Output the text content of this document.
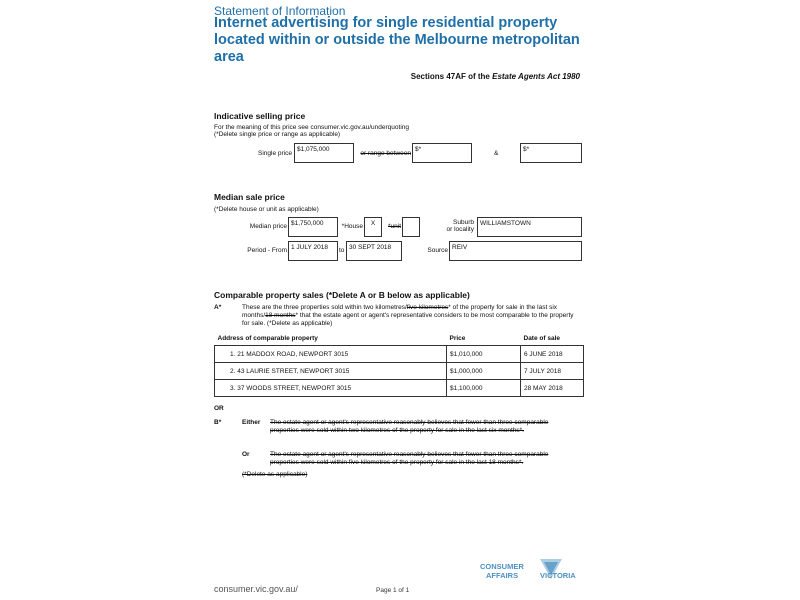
Statement of Information
Internet advertising for single residential property located within or outside the Melbourne metropolitan area
Sections 47AF of the Estate Agents Act 1980
Indicative selling price
For the meaning of this price see consumer.vic.gov.au/underquoting
(*Delete single price or range as applicable)
Single price
$1,075,000
or range between
$*
&
$*
Median sale price
(*Delete house or unit as applicable)
Median price $1,750,000	*House	X	*unit
Suburb
or locality
WILLIAMSTOWN
Period - From 1 JULY 2018	to 30 SEPT 2018	Source REIV
Comparable property sales (*Delete A or B below as applicable)
A*	These are the three properties sold within two kilometres/five kilometres* of the property for sale in the last six months/18 months* that the estate agent or agent's representative considers to be most comparable to the property for sale. (*Delete as applicable)
Address of comparable property	Price	Date of sale
1. 21 MADDOX ROAD, NEWPORT 3015	$1,010,000	6 JUNE 2018
2. 43 LAURIE STREET, NEWPORT 3015	$1,000,000	7 JULY 2018
3. 37 WOODS STREET, NEWPORT 3015	$1,100,000	28 MAY 2018
OR
B*	Either The estate agent or agent's representative reasonably believes that fewer than three comparable properties were sold within two kilometres of the property for sale in the last six months*.
Or	The estate agent or agent's representative reasonably believes that fewer than three comparable properties were sold within five kilometres of the property for sale in the last 18 months*.
(*Delete as applicable)
CONSUMER
AFFAIRS	VICTORIA
consumer.vic.gov.au/	Page 1 of 1
